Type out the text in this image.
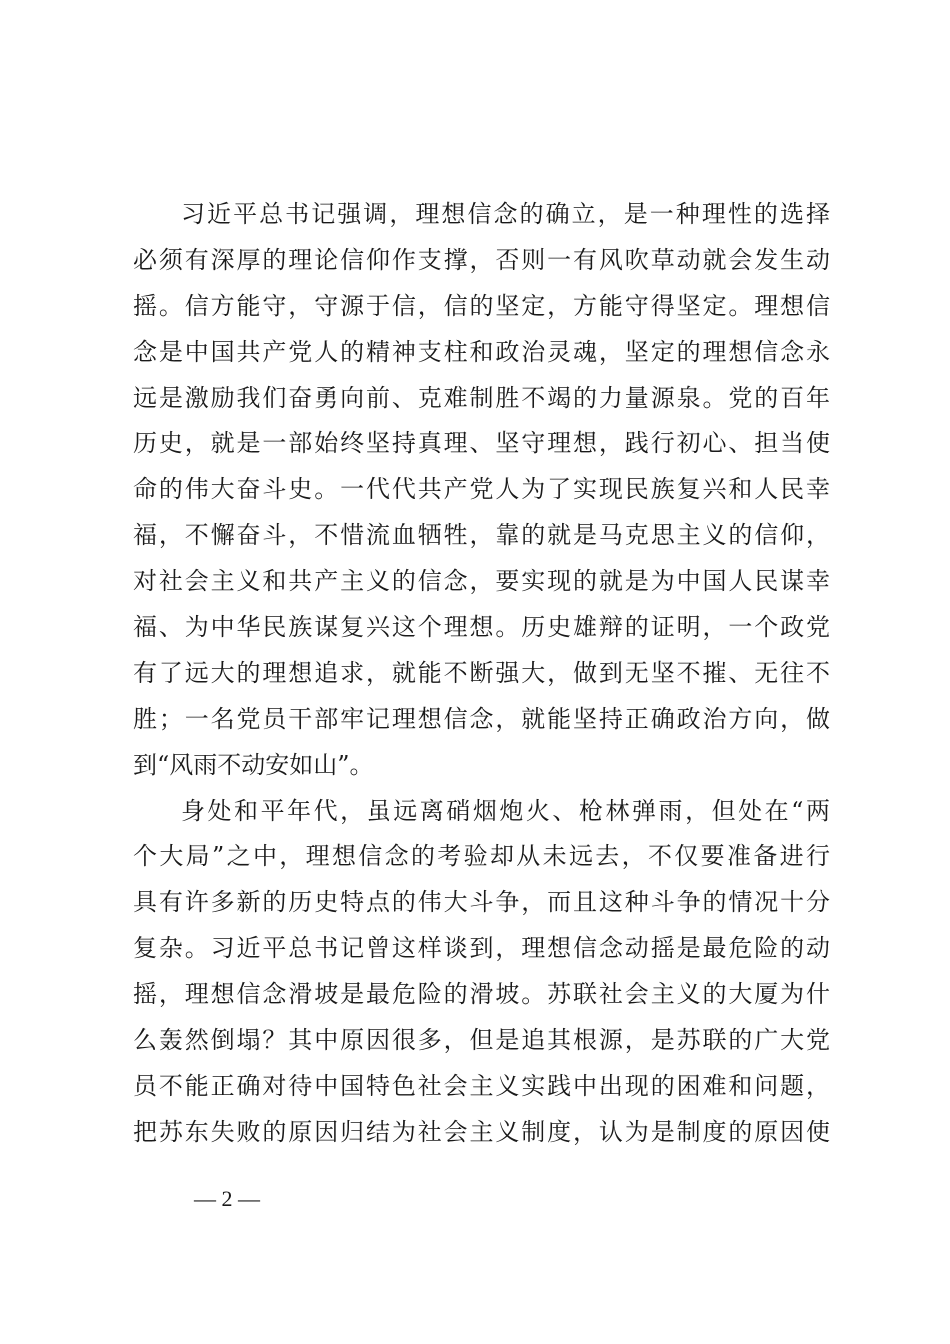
习近平总书记强调，理想信念的确立，是一种理性的选择
必须有深厚的理论信仰作支撑，否则一有风吹草动就会发生动
摇。信方能守，守源于信，信的坚定，方能守得坚定。理想信
念是中国共产党人的精神支柱和政治灵魂，坚定的理想信念永
远是激励我们奋勇向前、克难制胜不竭的力量源泉。党的百年
历史，就是一部始终坚持真理、坚守理想，践行初心、担当使
命的伟大奋斗史。一代代共产党人为了实现民族复兴和人民幸
福，不懈奋斗，不惜流血牺牲，靠的就是马克思主义的信仰，
对社会主义和共产主义的信念，要实现的就是为中国人民谋幸
福、为中华民族谋复兴这个理想。历史雄辩的证明，一个政党
有了远大的理想追求，就能不断强大，做到无坚不摧、无往不
胜；一名党员干部牢记理想信念，就能坚持正确政治方向，做
到“风雨不动安如山”。
身处和平年代，虽远离硝烟炮火、枪林弹雨，但处在“两
个大局”之中，理想信念的考验却从未远去，不仅要准备进行
具有许多新的历史特点的伟大斗争，而且这种斗争的情况十分
复杂。习近平总书记曾这样谈到，理想信念动摇是最危险的动
摇，理想信念滑坡是最危险的滑坡。苏联社会主义的大厦为什
么轰然倒塌？其中原因很多，但是追其根源，是苏联的广大党
员不能正确对待中国特色社会主义实践中出现的困难和问题，
把苏东失败的原因归结为社会主义制度，认为是制度的原因使
— 2 —
